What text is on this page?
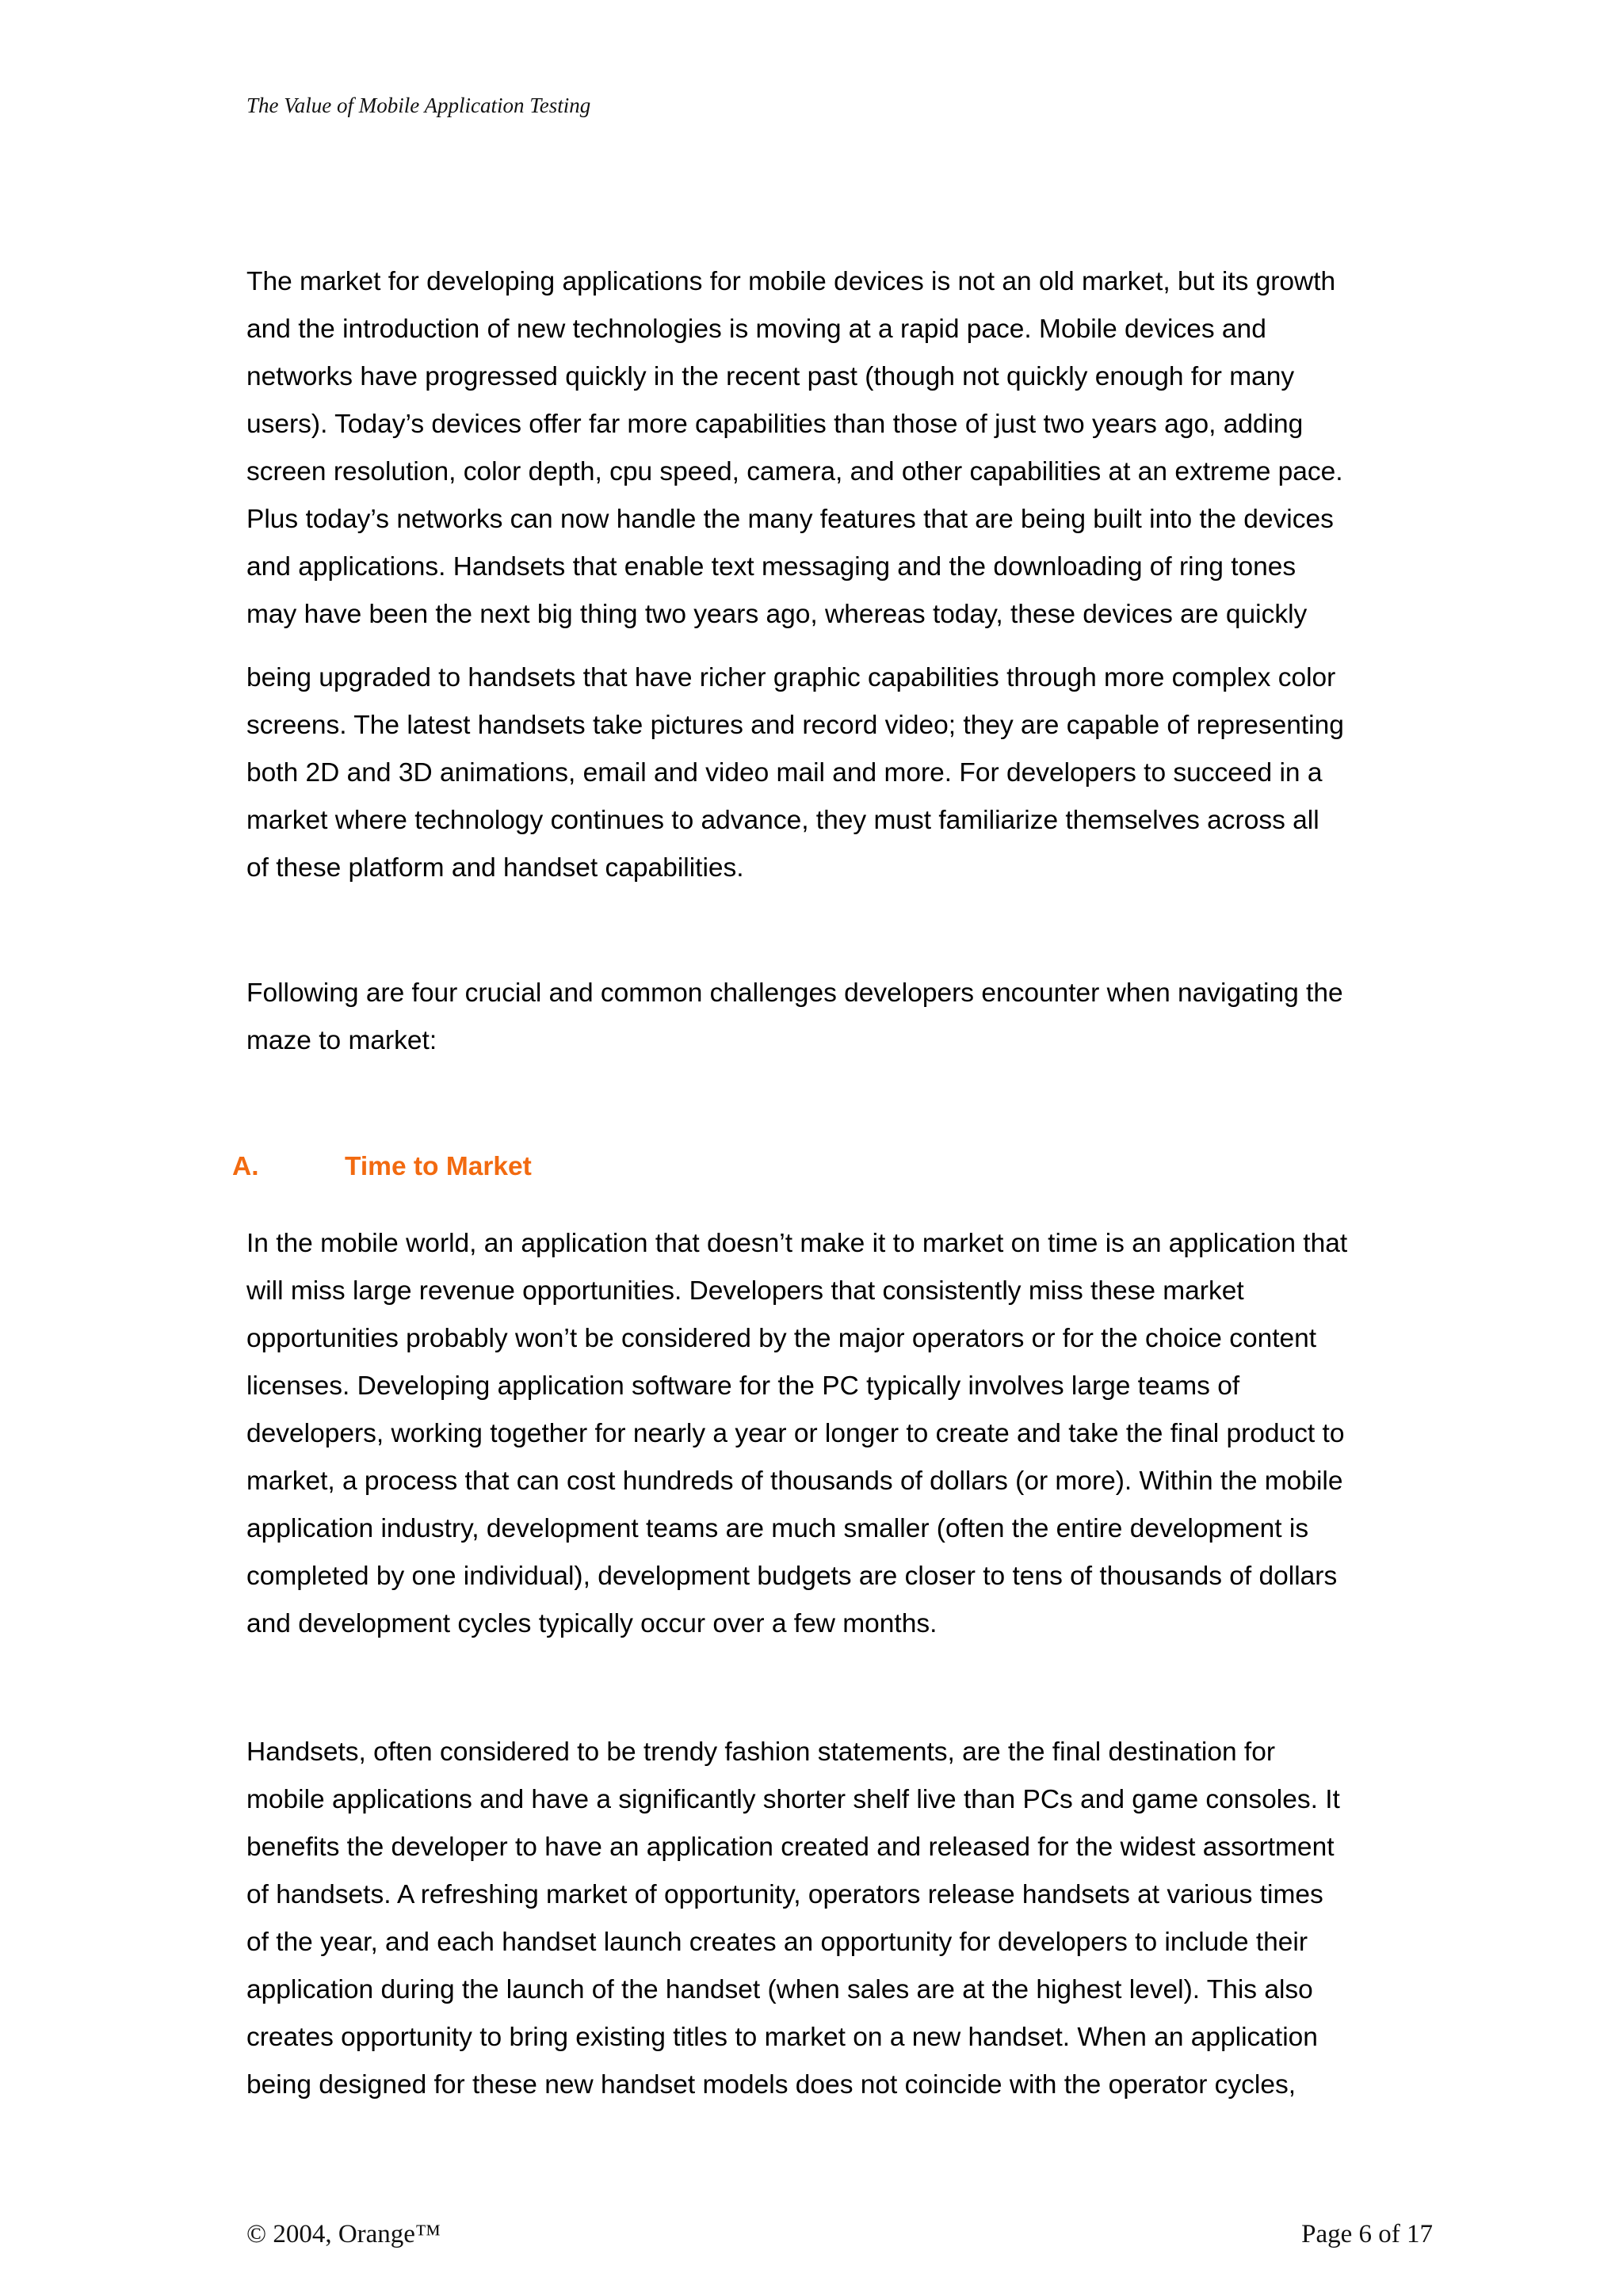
The Value of Mobile Application Testing

The market for developing applications for mobile devices is not an old market, but its growth
and the introduction of new technologies is moving at a rapid pace. Mobile devices and
networks have progressed quickly in the recent past (though not quickly enough for many
users). Today’s devices offer far more capabilities than those of just two years ago, adding
screen resolution, color depth, cpu speed, camera, and other capabilities at an extreme pace.
Plus today’s networks can now handle the many features that are being built into the devices
and applications. Handsets that enable text messaging and the downloading of ring tones
may have been the next big thing two years ago, whereas today, these devices are quickly

being upgraded to handsets that have richer graphic capabilities through more complex color
screens. The latest handsets take pictures and record video; they are capable of representing
both 2D and 3D animations, email and video mail and more. For developers to succeed in a
market where technology continues to advance, they must familiarize themselves across all
of these platform and handset capabilities.

Following are four crucial and common challenges developers encounter when navigating the
maze to market:

A.	Time to Market

In the mobile world, an application that doesn’t make it to market on time is an application that
will miss large revenue opportunities. Developers that consistently miss these market
opportunities probably won’t be considered by the major operators or for the choice content
licenses. Developing application software for the PC typically involves large teams of
developers, working together for nearly a year or longer to create and take the final product to
market, a process that can cost hundreds of thousands of dollars (or more). Within the mobile
application industry, development teams are much smaller (often the entire development is
completed by one individual), development budgets are closer to tens of thousands of dollars
and development cycles typically occur over a few months.

Handsets, often considered to be trendy fashion statements, are the final destination for
mobile applications and have a significantly shorter shelf live than PCs and game consoles. It
benefits the developer to have an application created and released for the widest assortment
of handsets. A refreshing market of opportunity, operators release handsets at various times
of the year, and each handset launch creates an opportunity for developers to include their
application during the launch of the handset (when sales are at the highest level). This also
creates opportunity to bring existing titles to market on a new handset. When an application
being designed for these new handset models does not coincide with the operator cycles,

© 2004, Orange™	Page 6 of 17
